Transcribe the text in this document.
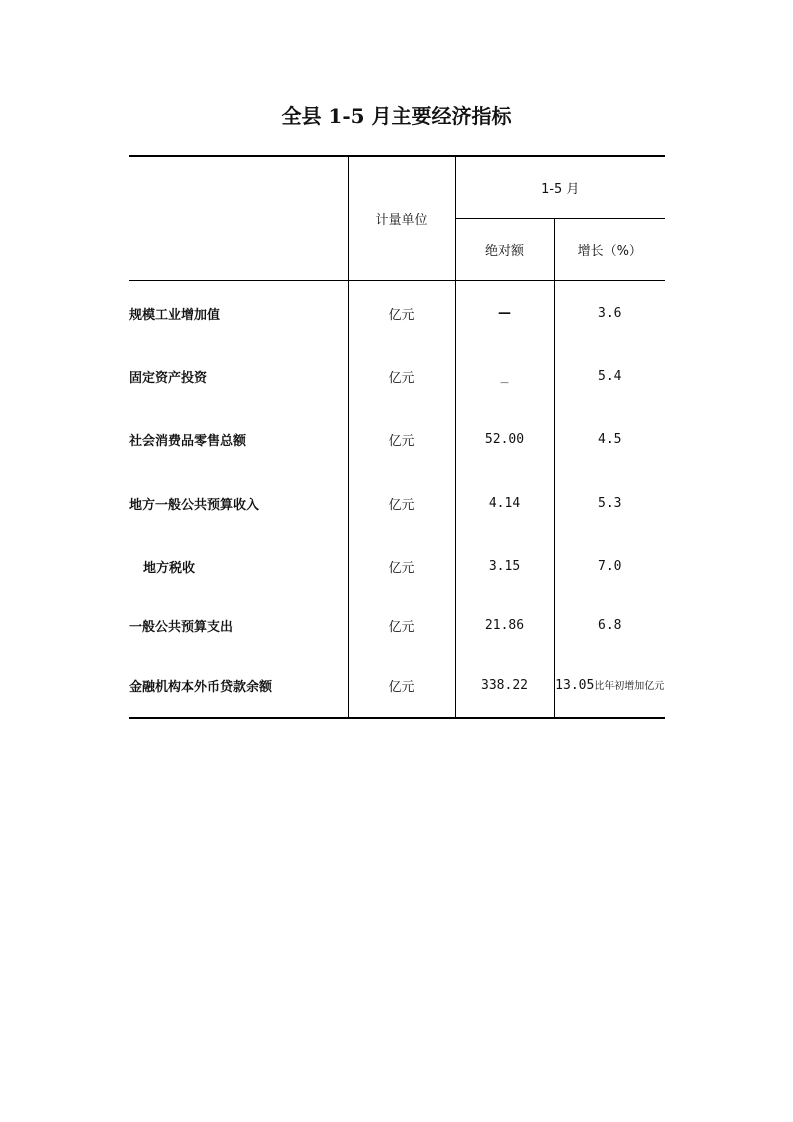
全县 1-5 月主要经济指标
	计量单位	1-5 月	
		绝对额	增长（%）
规模工业增加值	亿元	—	3.6
固定资产投资	亿元	_	5.4
社会消费品零售总额	亿元	52.00	4.5
地方一般公共预算收入	亿元	4.14	5.3
地方税收	亿元	3.15	7.0
一般公共预算支出	亿元	21.86	6.8
金融机构本外币贷款余额	亿元	338.22	13.05比年初增加亿元
